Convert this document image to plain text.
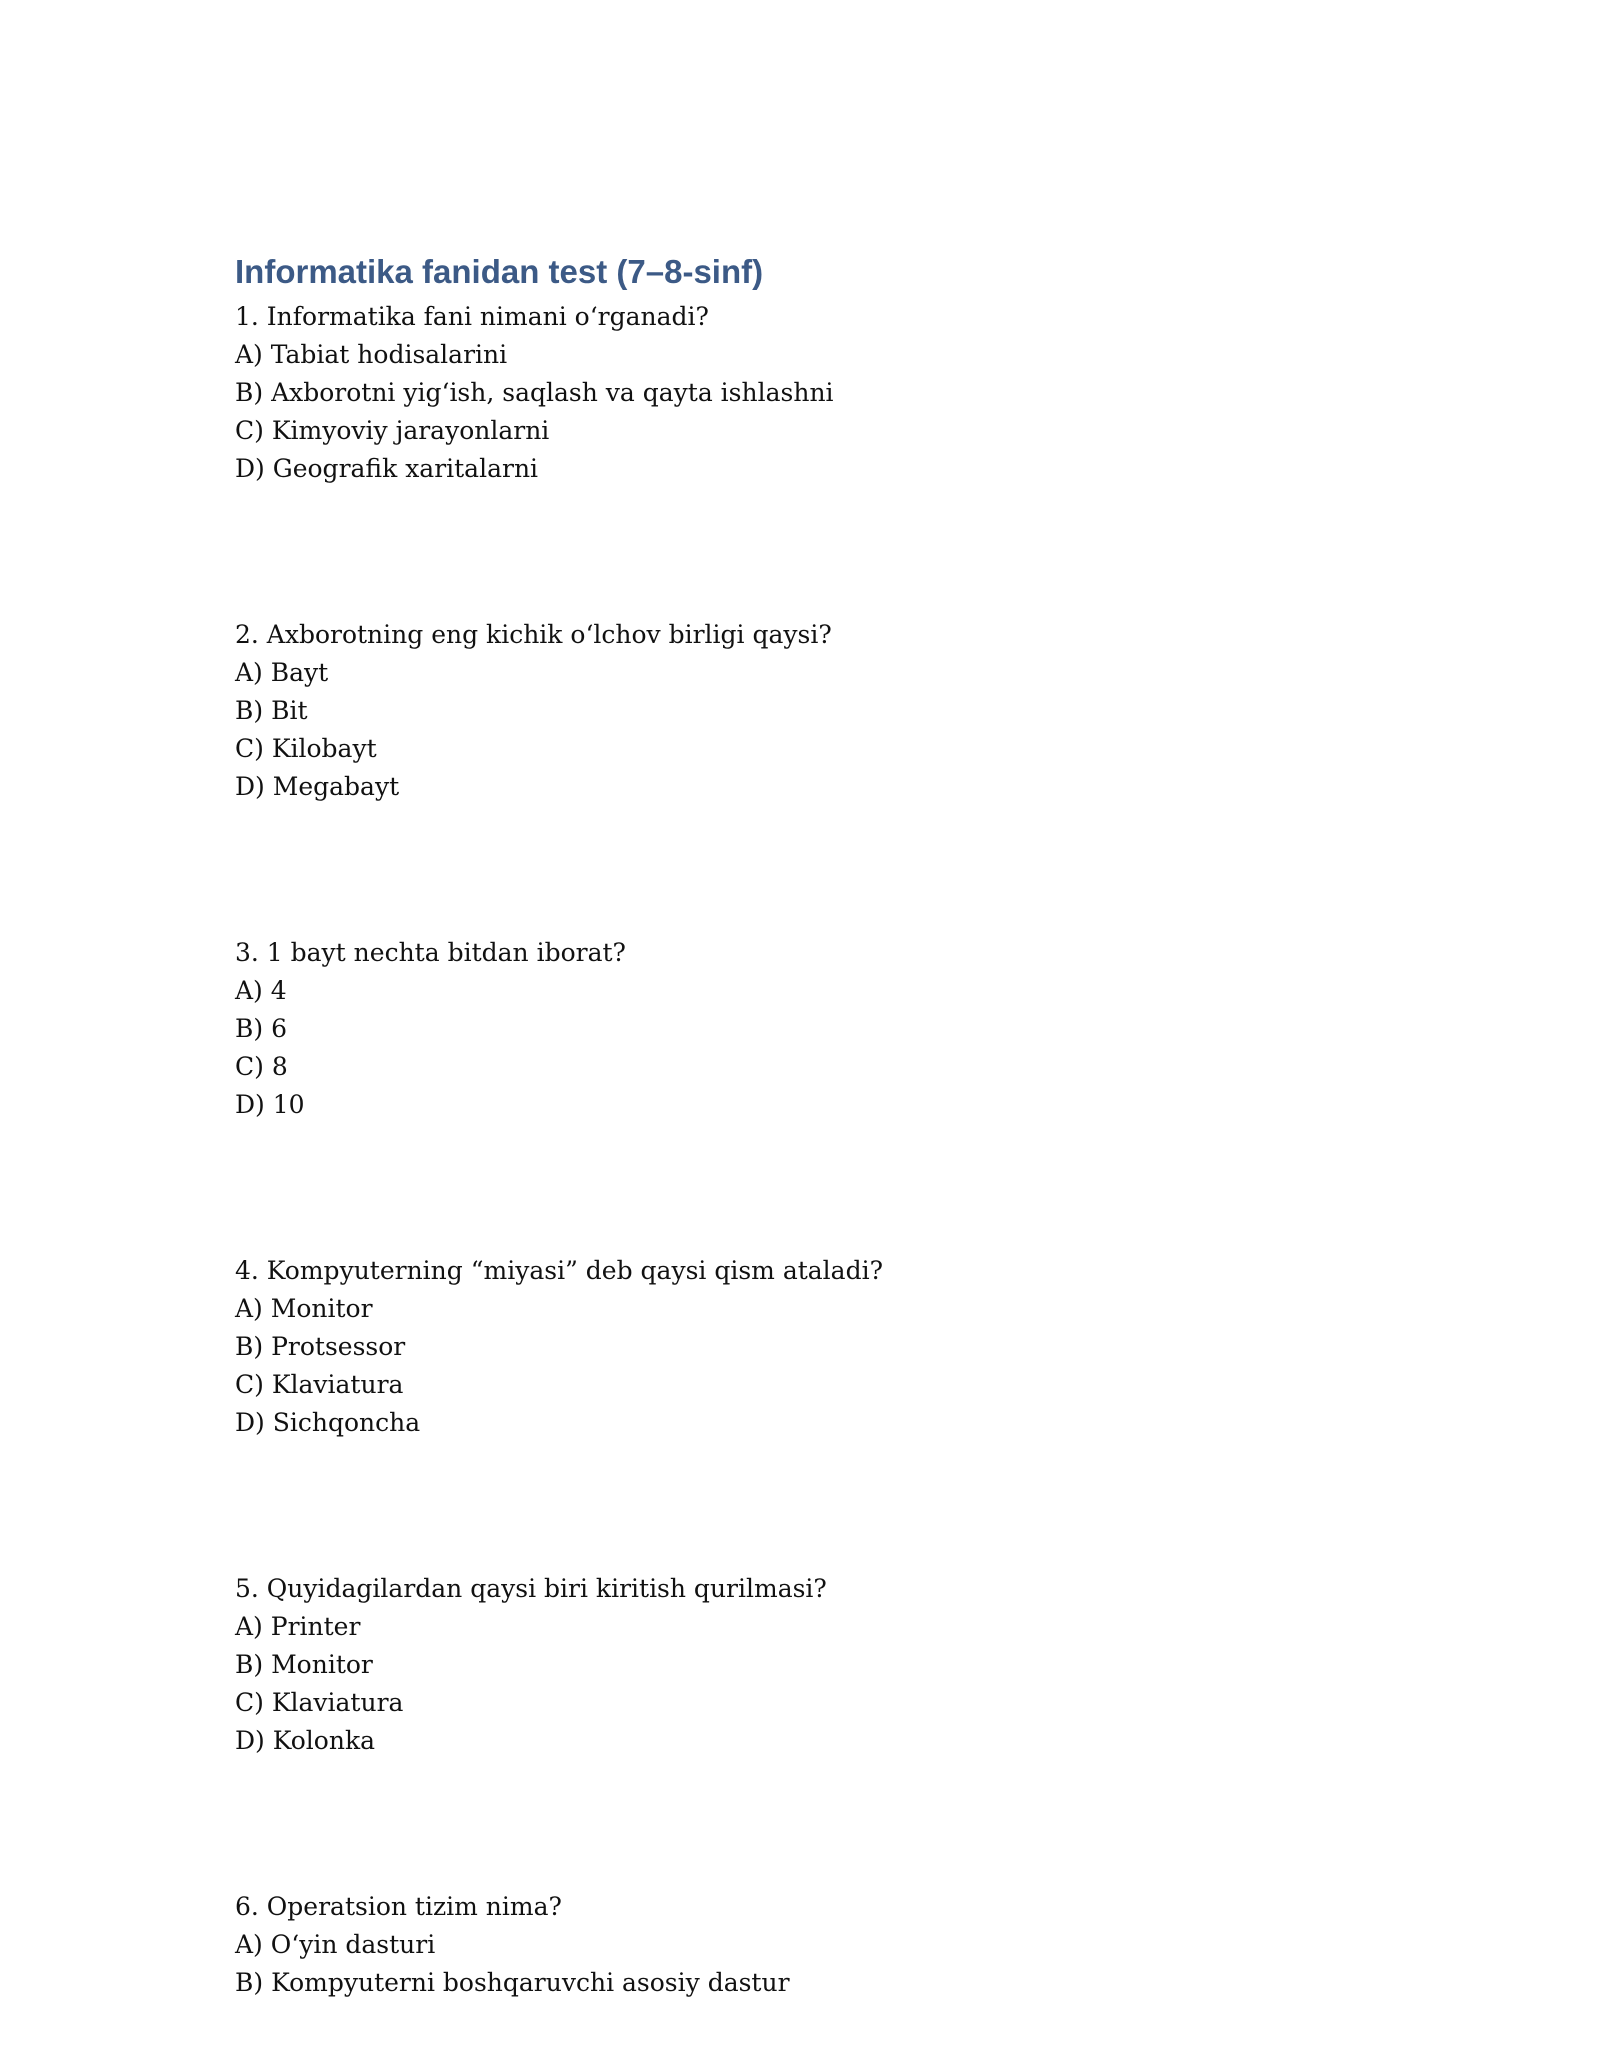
Informatika fanidan test (7–8-sinf)
1. Informatika fani nimani o‘rganadi?
A) Tabiat hodisalarini
B) Axborotni yig‘ish, saqlash va qayta ishlashni
C) Kimyoviy jarayonlarni
D) Geografik xaritalarni
2. Axborotning eng kichik o‘lchov birligi qaysi?
A) Bayt
B) Bit
C) Kilobayt
D) Megabayt
3. 1 bayt nechta bitdan iborat?
A) 4
B) 6
C) 8
D) 10
4. Kompyuterning “miyasi” deb qaysi qism ataladi?
A) Monitor
B) Protsessor
C) Klaviatura
D) Sichqoncha
5. Quyidagilardan qaysi biri kiritish qurilmasi?
A) Printer
B) Monitor
C) Klaviatura
D) Kolonka
6. Operatsion tizim nima?
A) O‘yin dasturi
B) Kompyuterni boshqaruvchi asosiy dastur
